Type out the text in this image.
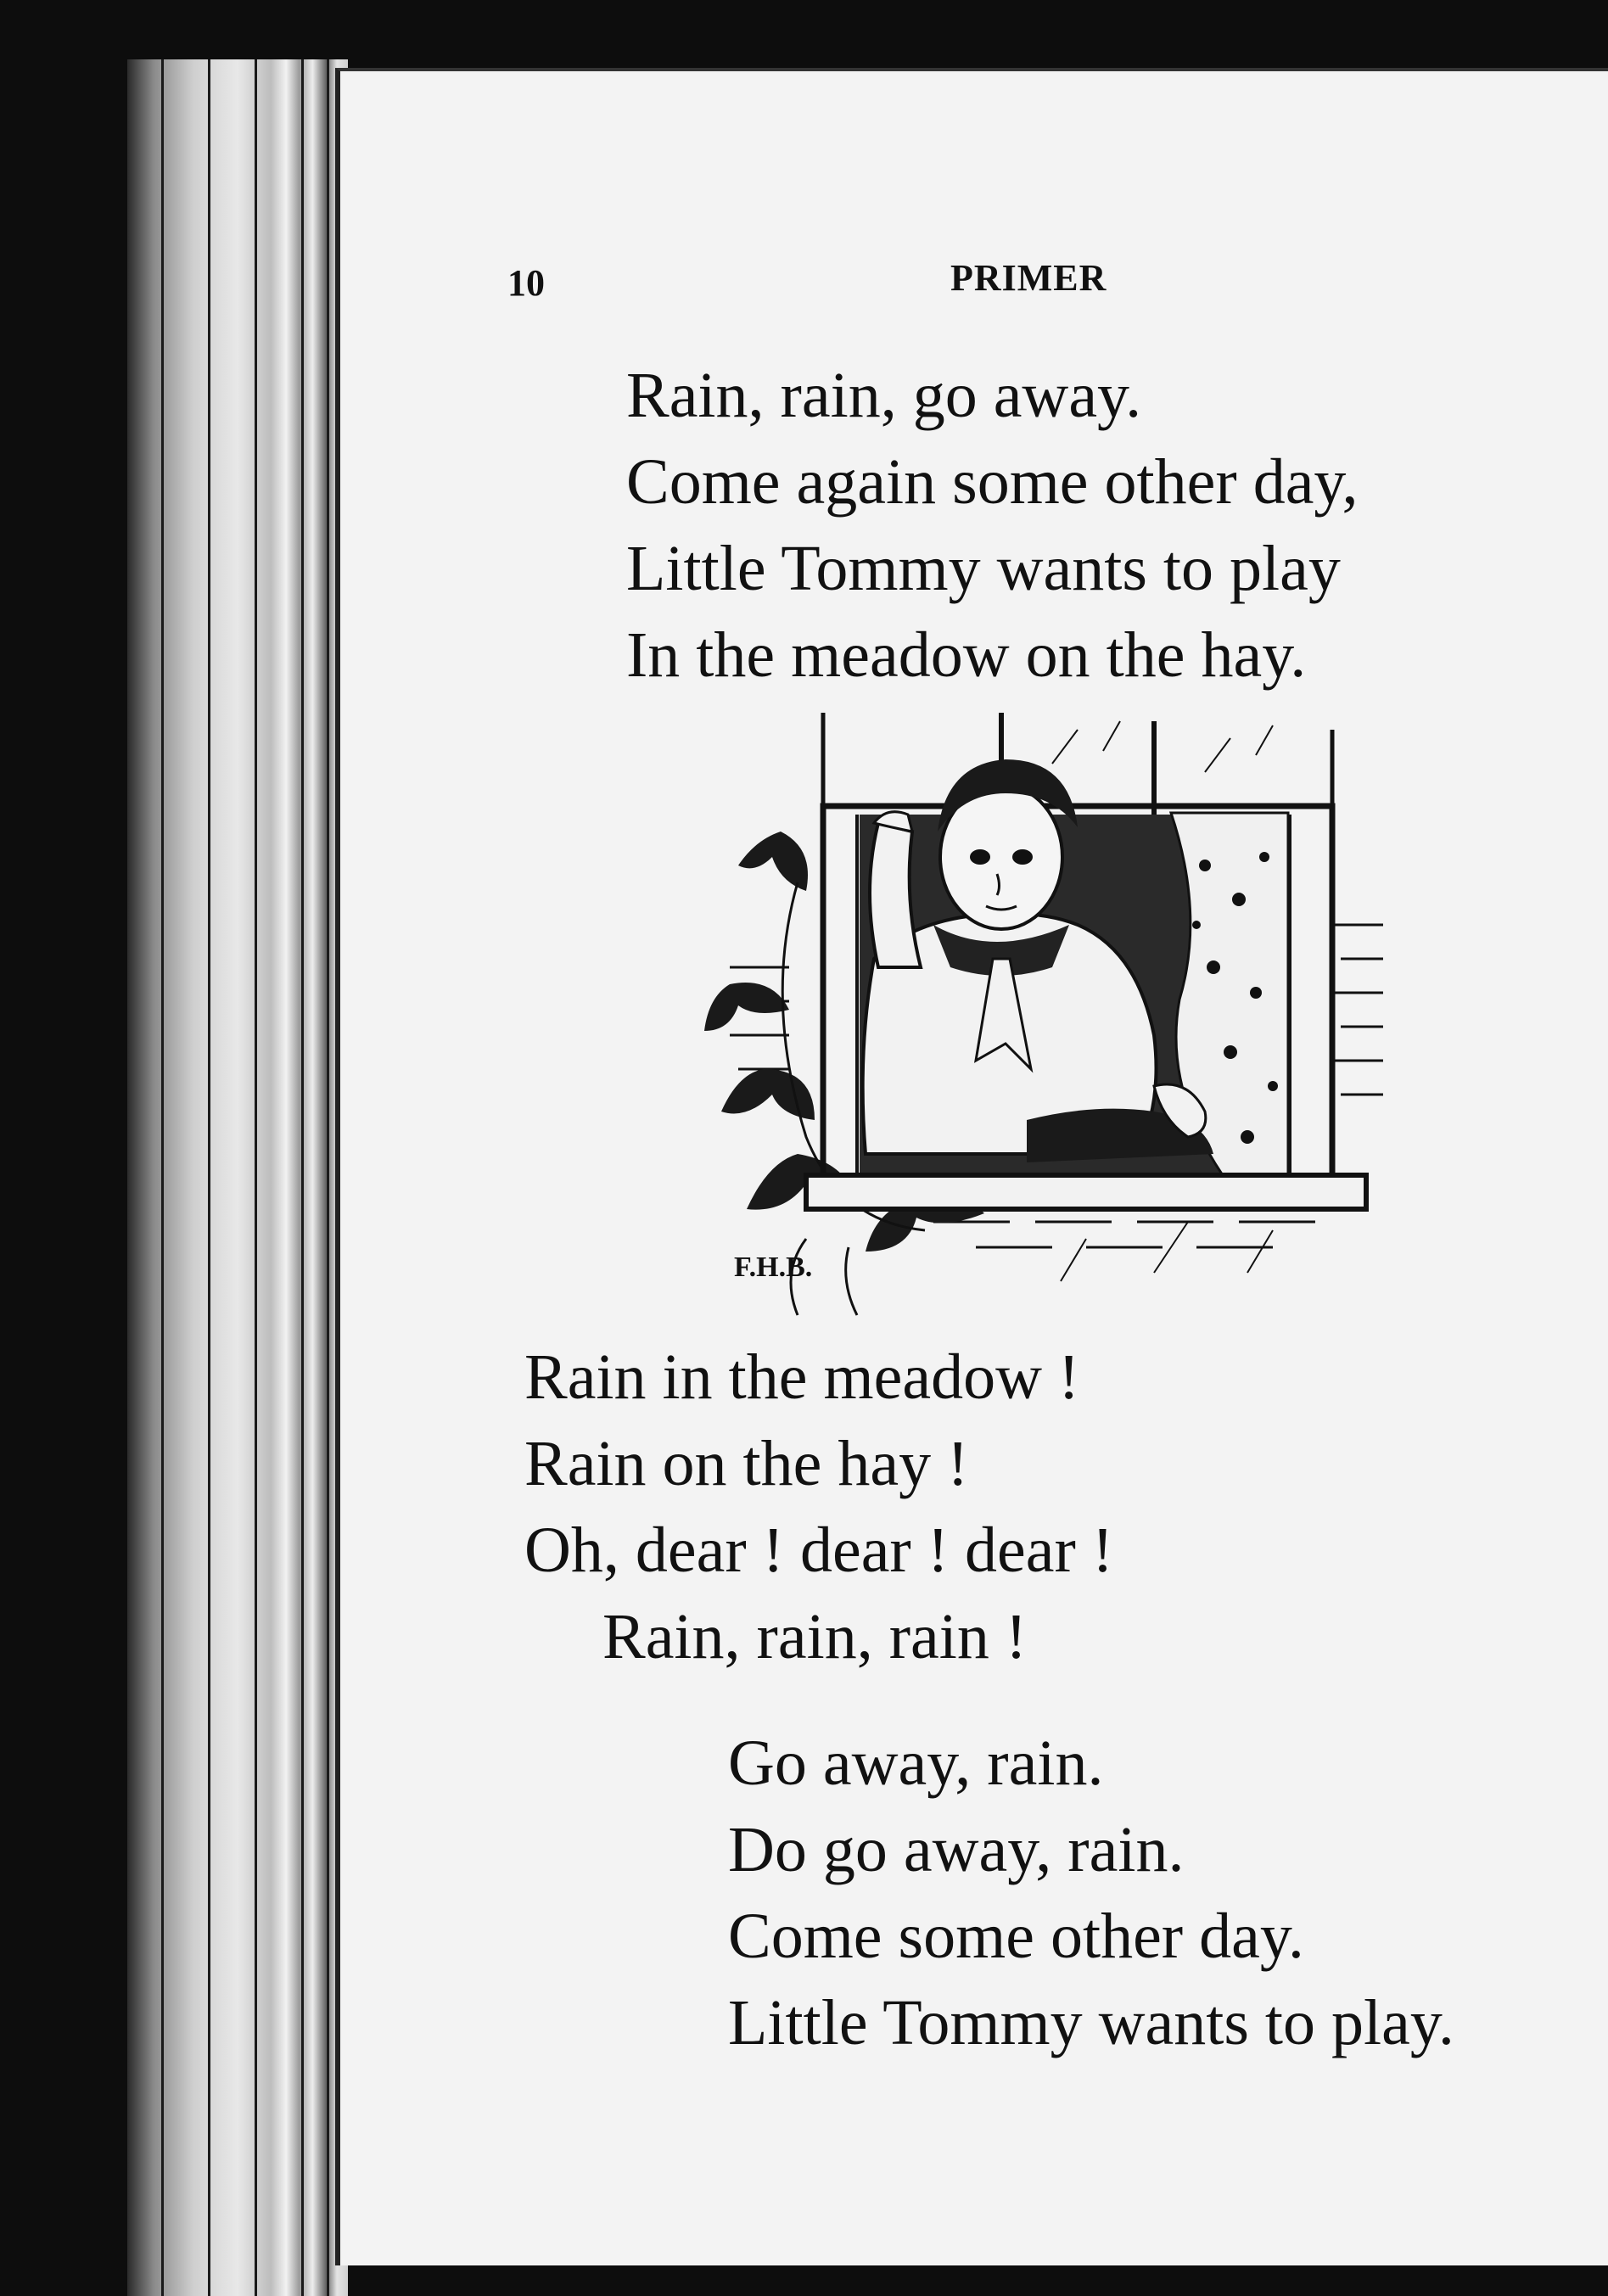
10	PRIMER
Rain, rain, go away.
Come again some other day,
Little Tommy wants to play
In the meadow on the hay.
F.H.B.
Rain in the meadow !
Rain on the hay !
Oh, dear ! dear ! dear !
Rain, rain, rain !
Go away, rain.
Do go away, rain.
Come some other day.
Little Tommy wants to play.
